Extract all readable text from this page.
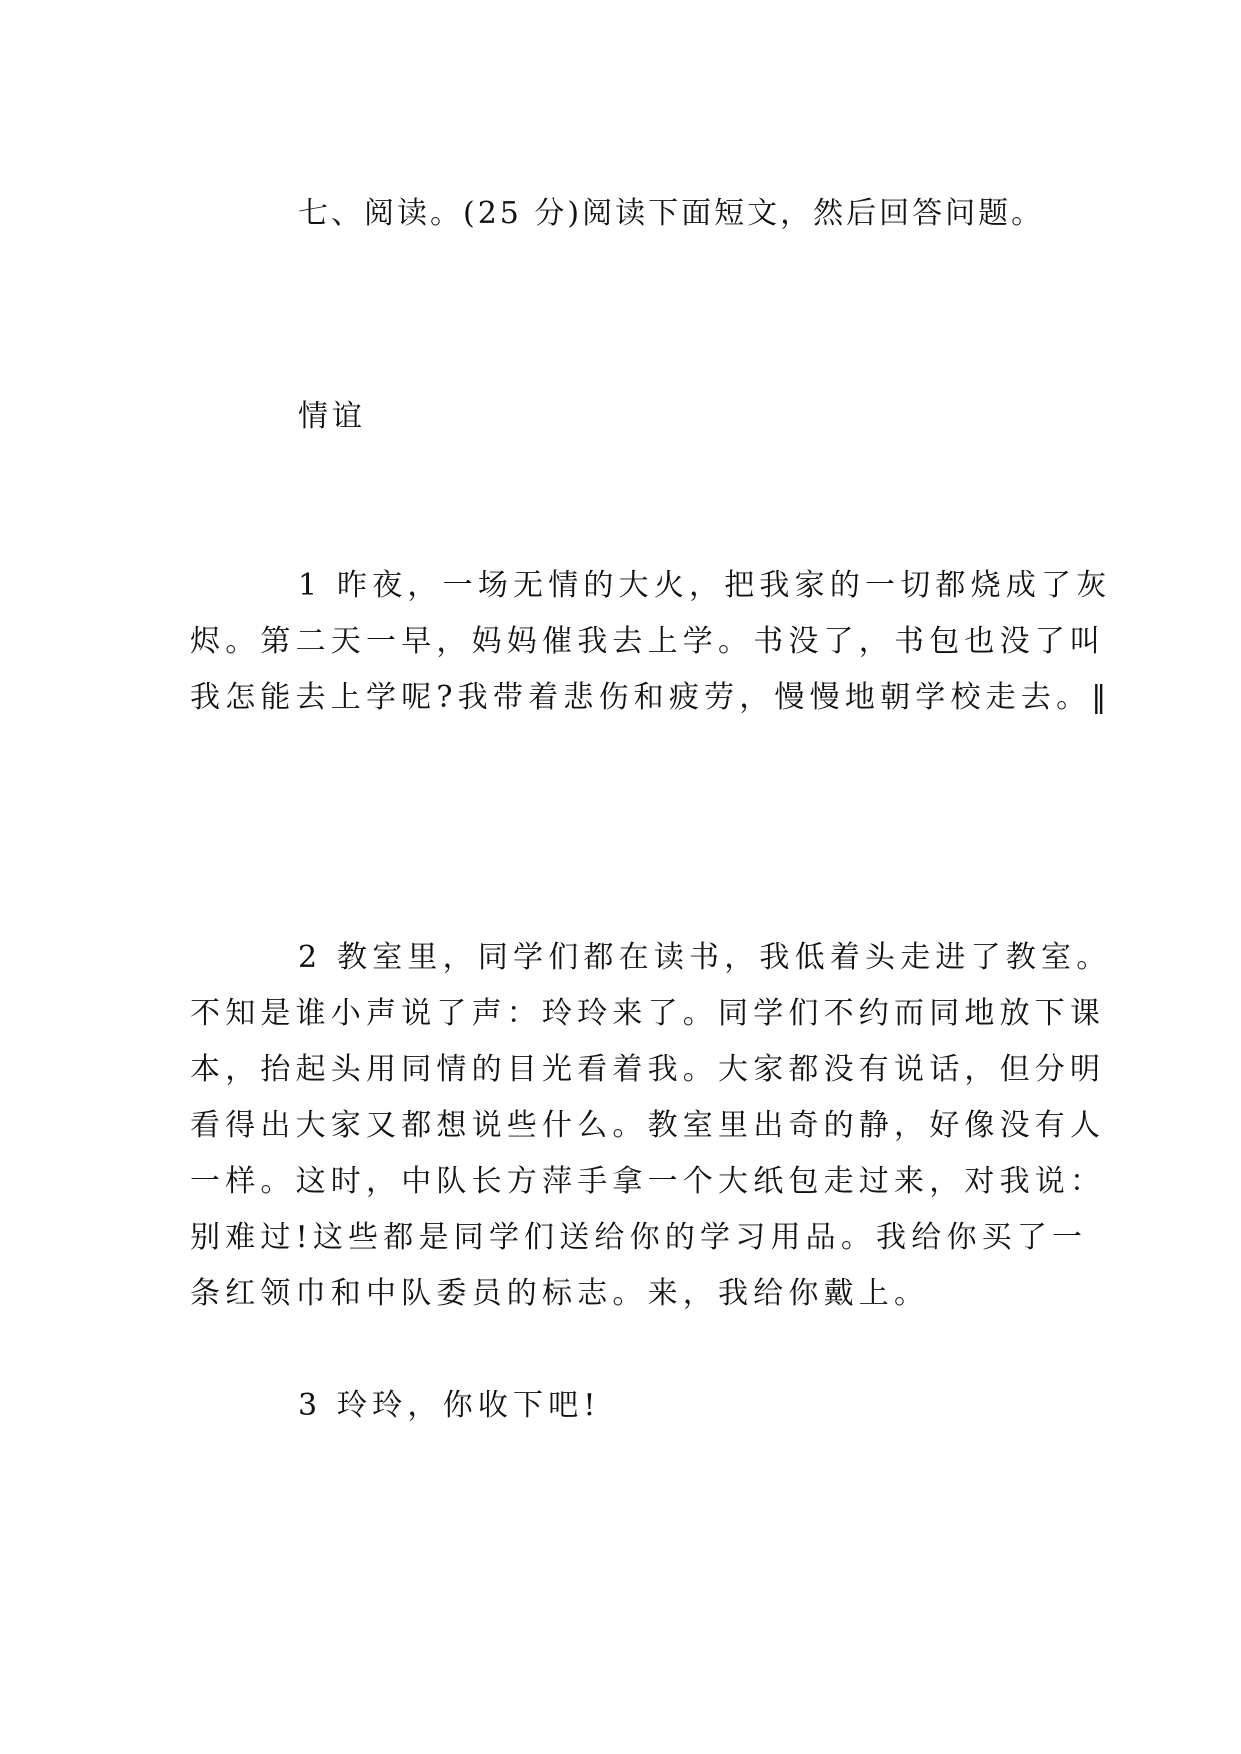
七、阅读。(25 分)阅读下面短文，然后回答问题。
情谊
1 昨夜，一场无情的大火，把我家的一切都烧成了灰
烬。第二天一早，妈妈催我去上学。书没了，书包也没了叫
我怎能去上学呢?我带着悲伤和疲劳，慢慢地朝学校走去。‖
2 教室里，同学们都在读书，我低着头走进了教室。
不知是谁小声说了声：玲玲来了。同学们不约而同地放下课
本，抬起头用同情的目光看着我。大家都没有说话，但分明
看得出大家又都想说些什么。教室里出奇的静，好像没有人
一样。这时，中队长方萍手拿一个大纸包走过来，对我说：
别难过!这些都是同学们送给你的学习用品。我给你买了一
条红领巾和中队委员的标志。来，我给你戴上。
3 玲玲，你收下吧!
